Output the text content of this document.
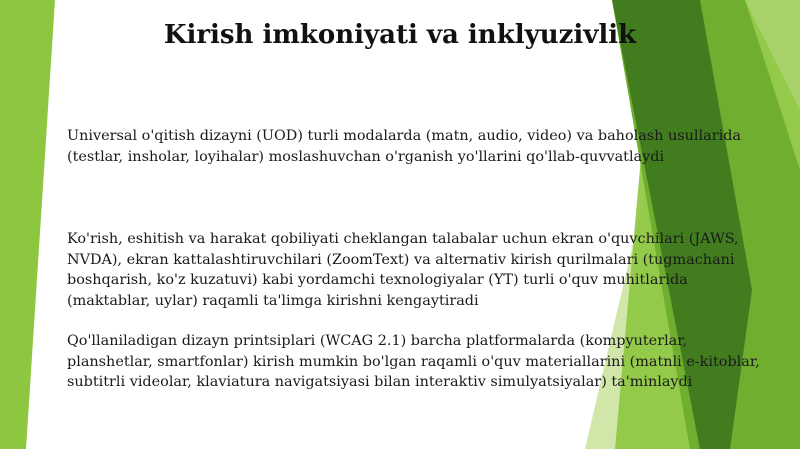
Kirish imkoniyati va inklyuzivlik

Universal o'qitish dizayni (UOD) turli modalarda (matn, audio, video) va baholash usullarida (testlar, insholar, loyihalar) moslashuvchan o'rganish yo'llarini qo'llab-quvvatlaydi

Ko'rish, eshitish va harakat qobiliyati cheklangan talabalar uchun ekran o'quvchilari (JAWS, NVDA), ekran kattalashtiruvchilari (ZoomText) va alternativ kirish qurilmalari (tugmachani boshqarish, ko'z kuzatuvi) kabi yordamchi texnologiyalar (YT) turli o'quv muhitlarida (maktablar, uylar) raqamli ta'limga kirishni kengaytiradi

Qo'llaniladigan dizayn printsiplari (WCAG 2.1) barcha platformalarda (kompyuterlar, planshetlar, smartfonlar) kirish mumkin bo'lgan raqamli o'quv materiallarini (matnli e-kitoblar, subtitrli videolar, klaviatura navigatsiyasi bilan interaktiv simulyatsiyalar) ta'minlaydi
